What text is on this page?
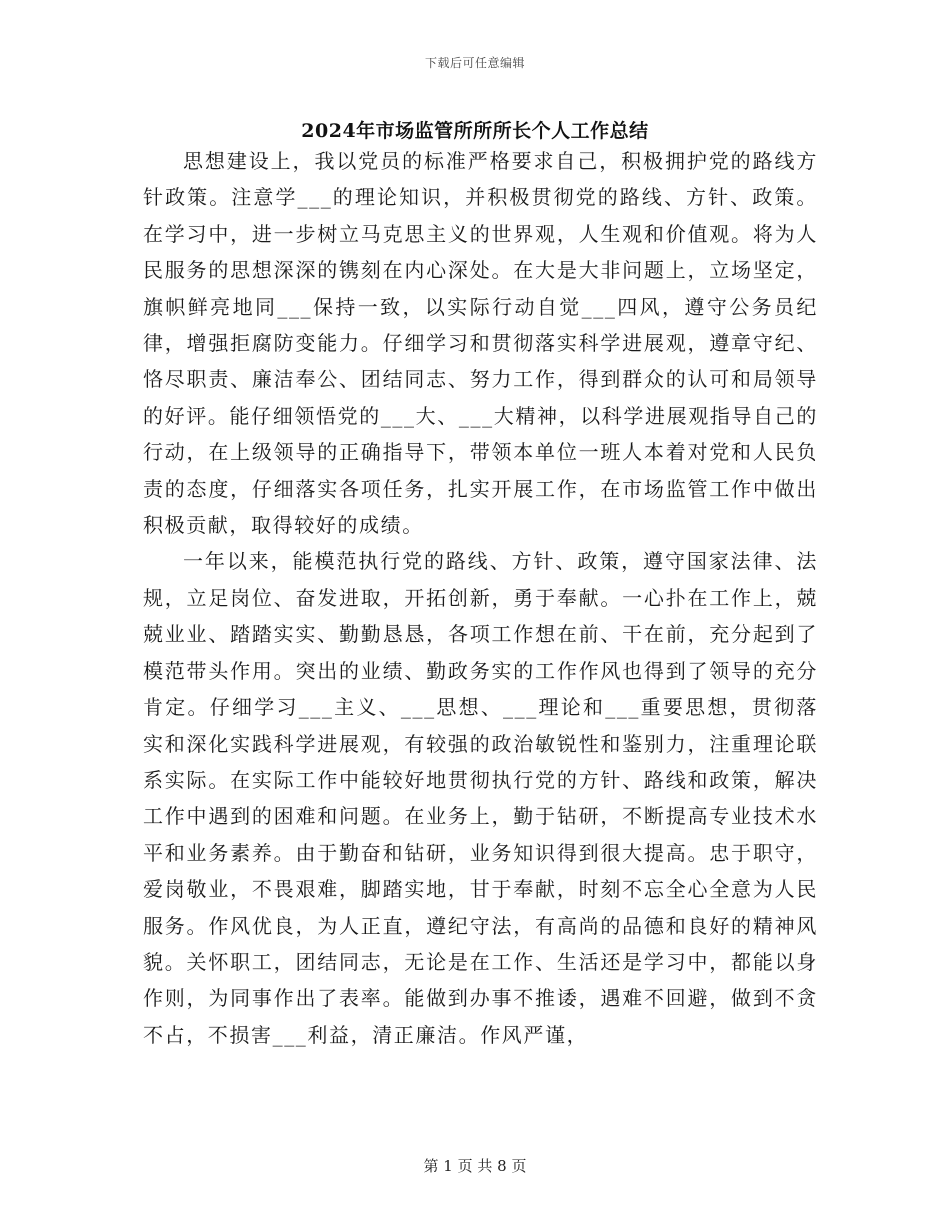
下载后可任意编辑
2024年市场监管所所所长个人工作总结

思想建设上，我以党员的标准严格要求自己，积极拥护党的路线方针政策。注意学___的理论知识，并积极贯彻党的路线、方针、政策。在学习中，进一步树立马克思主义的世界观，人生观和价值观。将为人民服务的思想深深的镌刻在内心深处。在大是大非问题上，立场坚定，旗帜鲜亮地同___保持一致，以实际行动自觉___四风，遵守公务员纪律，增强拒腐防变能力。仔细学习和贯彻落实科学进展观，遵章守纪、恪尽职责、廉洁奉公、团结同志、努力工作，得到群众的认可和局领导的好评。能仔细领悟党的___大、___大精神，以科学进展观指导自己的行动，在上级领导的正确指导下，带领本单位一班人本着对党和人民负责的态度，仔细落实各项任务，扎实开展工作，在市场监管工作中做出积极贡献，取得较好的成绩。

一年以来，能模范执行党的路线、方针、政策，遵守国家法律、法规，立足岗位、奋发进取，开拓创新，勇于奉献。一心扑在工作上，兢兢业业、踏踏实实、勤勤恳恳，各项工作想在前、干在前，充分起到了模范带头作用。突出的业绩、勤政务实的工作作风也得到了领导的充分肯定。仔细学习___主义、___思想、___理论和___重要思想，贯彻落实和深化实践科学进展观，有较强的政治敏锐性和鉴别力，注重理论联系实际。在实际工作中能较好地贯彻执行党的方针、路线和政策，解决工作中遇到的困难和问题。在业务上，勤于钻研，不断提高专业技术水平和业务素养。由于勤奋和钻研，业务知识得到很大提高。忠于职守，爱岗敬业，不畏艰难，脚踏实地，甘于奉献，时刻不忘全心全意为人民服务。作风优良，为人正直，遵纪守法，有高尚的品德和良好的精神风貌。关怀职工，团结同志，无论是在工作、生活还是学习中，都能以身作则，为同事作出了表率。能做到办事不推诿，遇难不回避，做到不贪不占，不损害___利益，清正廉洁。作风严谨，

第 1 页 共 8 页
